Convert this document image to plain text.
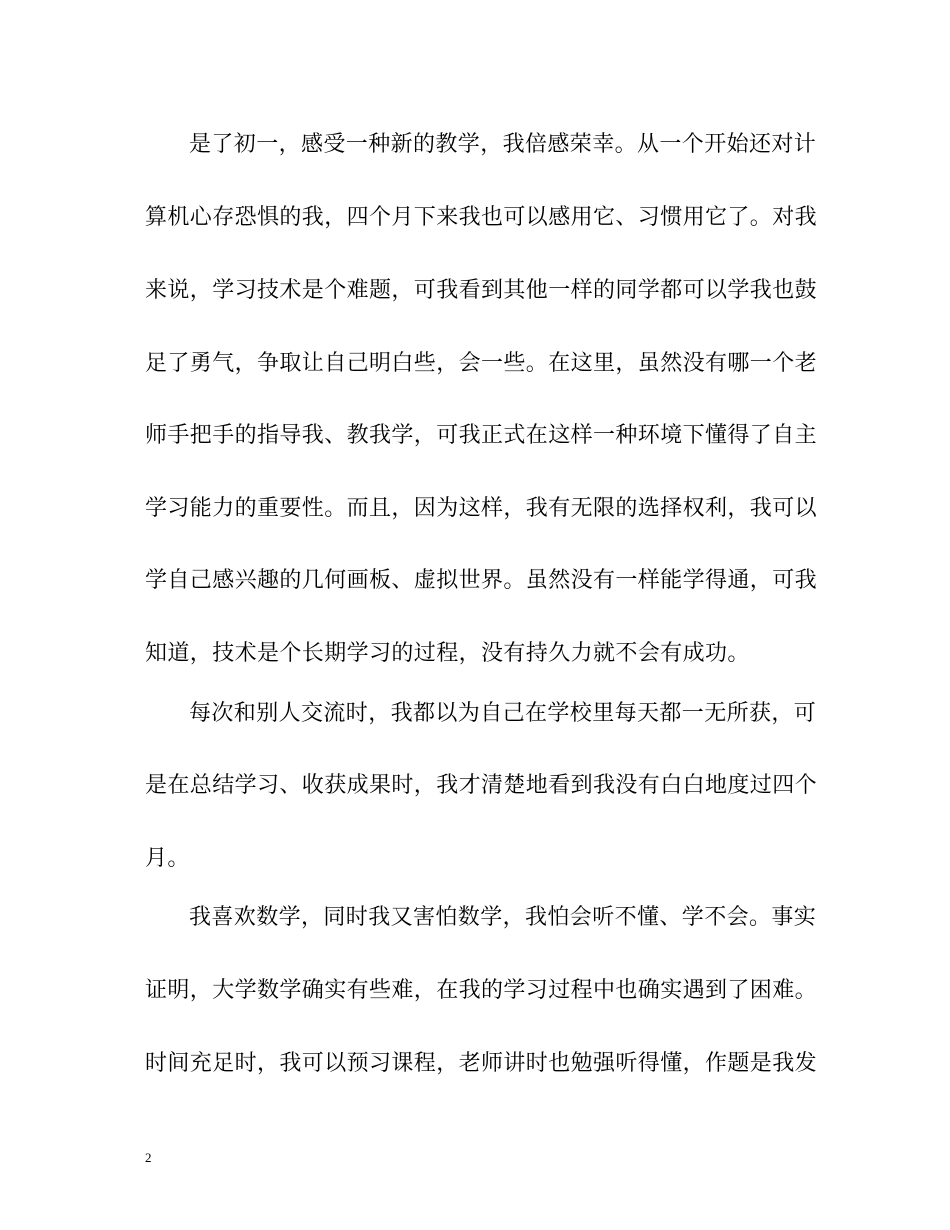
是了初一，感受一种新的教学，我倍感荣幸。从一个开始还对计
算机心存恐惧的我，四个月下来我也可以感用它、习惯用它了。对我
来说，学习技术是个难题，可我看到其他一样的同学都可以学我也鼓
足了勇气，争取让自己明白些，会一些。在这里，虽然没有哪一个老
师手把手的指导我、教我学，可我正式在这样一种环境下懂得了自主
学习能力的重要性。而且，因为这样，我有无限的选择权利，我可以
学自己感兴趣的几何画板、虚拟世界。虽然没有一样能学得通，可我
知道，技术是个长期学习的过程，没有持久力就不会有成功。
每次和别人交流时，我都以为自己在学校里每天都一无所获，可
是在总结学习、收获成果时，我才清楚地看到我没有白白地度过四个
月。
我喜欢数学，同时我又害怕数学，我怕会听不懂、学不会。事实
证明，大学数学确实有些难，在我的学习过程中也确实遇到了困难。
时间充足时，我可以预习课程，老师讲时也勉强听得懂，作题是我发
2
